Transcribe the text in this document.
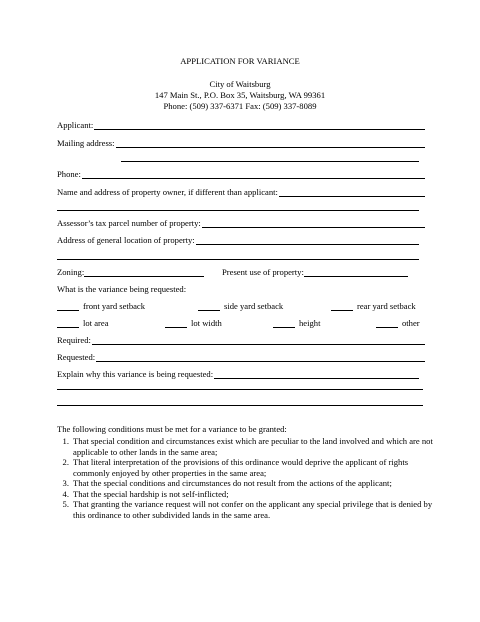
APPLICATION FOR VARIANCE
City of Waitsburg
147 Main St., P.O. Box 35, Waitsburg, WA 99361
Phone: (509) 337-6371 Fax: (509) 337-8089
Applicant:
Mailing address:
Phone:
Name and address of property owner, if different than applicant:
Assessor’s tax parcel number of property:
Address of general location of property:
Zoning:	Present use of property:
What is the variance being requested:
front yard setback	side yard setback	rear yard setback
lot area	lot width	height	other
Required:
Requested:
Explain why this variance is being requested:
The following conditions must be met for a variance to be granted:
1. That special condition and circumstances exist which are peculiar to the land involved and which are not applicable to other lands in the same area;
2. That literal interpretation of the provisions of this ordinance would deprive the applicant of rights commonly enjoyed by other properties in the same area;
3. That the special conditions and circumstances do not result from the actions of the applicant;
4. That the special hardship is not self-inflicted;
5. That granting the variance request will not confer on the applicant any special privilege that is denied by this ordinance to other subdivided lands in the same area.
